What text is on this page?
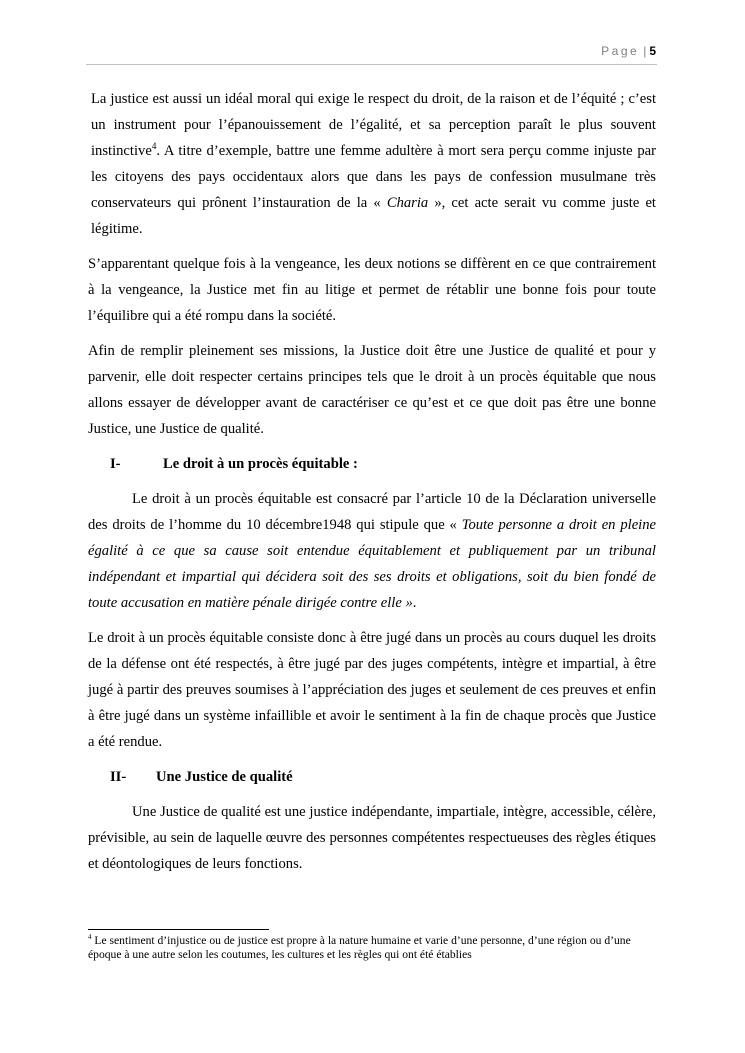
Page | 5

La justice est aussi un idéal moral qui exige le respect du droit, de la raison et de l’équité ; c’est un instrument pour l’épanouissement de l’égalité, et sa perception paraît le plus souvent instinctive$^4$. A titre d’exemple, battre une femme adultère à mort sera perçu comme injuste par les citoyens des pays occidentaux alors que dans les pays de confession musulmane très conservateurs qui prônent l’instauration de la « Charia », cet acte serait vu comme juste et légitime.

S’apparentant quelque fois à la vengeance, les deux notions se diffèrent en ce que contrairement à la vengeance, la Justice met fin au litige et permet de rétablir une bonne fois pour toute l’équilibre qui a été rompu dans la société.

Afin de remplir pleinement ses missions, la Justice doit être une Justice de qualité et pour y parvenir, elle doit respecter certains principes tels que le droit à un procès équitable que nous allons essayer de développer avant de caractériser ce qu’est et ce que doit pas être une bonne Justice, une Justice de qualité.

I-	Le droit à un procès équitable :

Le droit à un procès équitable est consacré par l’article 10 de la Déclaration universelle des droits de l’homme du 10 décembre1948 qui stipule que « Toute personne a droit en pleine égalité à ce que sa cause soit entendue équitablement et publiquement par un tribunal indépendant et impartial qui décidera soit des ses droits et obligations, soit du bien fondé de toute accusation en matière pénale dirigée contre elle ».

Le droit à un procès équitable consiste donc à être jugé dans un procès au cours duquel les droits de la défense ont été respectés, à être jugé par des juges compétents, intègre et impartial, à être jugé à partir des preuves soumises à l’appréciation des juges et seulement de ces preuves et enfin à être jugé dans un système infaillible et avoir le sentiment à la fin de chaque procès que Justice a été rendue.

II- Une Justice de qualité

Une Justice de qualité est une justice indépendante, impartiale, intègre, accessible, célère, prévisible, au sein de laquelle œuvre des personnes compétentes respectueuses des règles étiques et déontologiques de leurs fonctions.

$^4$ Le sentiment d’injustice ou de justice est propre à la nature humaine et varie d’une personne, d’une région ou d’une époque à une autre selon les coutumes, les cultures et les règles qui ont été établies
